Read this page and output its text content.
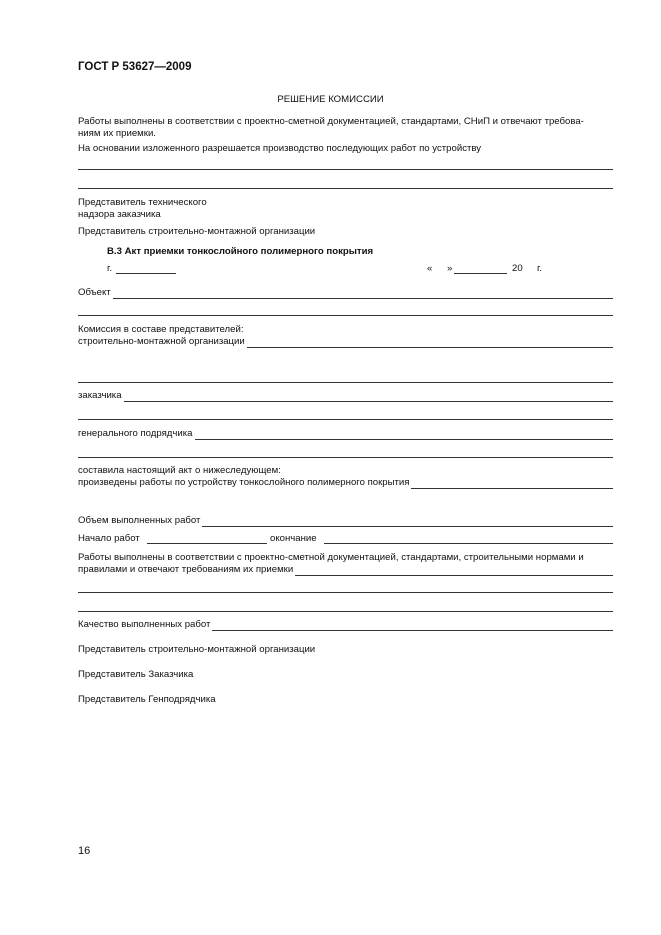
ГОСТ Р 53627—2009
РЕШЕНИЕ КОМИССИИ
Работы выполнены в соответствии с проектно-сметной документацией, стандартами, СНиП и отвечают требова-
ниям их приемки.
На основании изложенного разрешается производство последующих работ по устройству
Представитель технического
надзора заказчика
Представитель строительно-монтажной организации
В.3 Акт приемки тонкослойного полимерного покрытия
г.	« »	20 г.
Объект
Комиссия в составе представителей:
строительно-монтажной организации
заказчика
генерального подрядчика
составила настоящий акт о нижеследующем:
произведены работы по устройству тонкослойного полимерного покрытия
Объем выполненных работ
Начало работ	окончание
Работы выполнены в соответствии с проектно-сметной документацией, стандартами, строительными нормами и
правилами и отвечают требованиям их приемки
Качество выполненных работ
Представитель строительно-монтажной организации
Представитель Заказчика
Представитель Генподрядчика
16
